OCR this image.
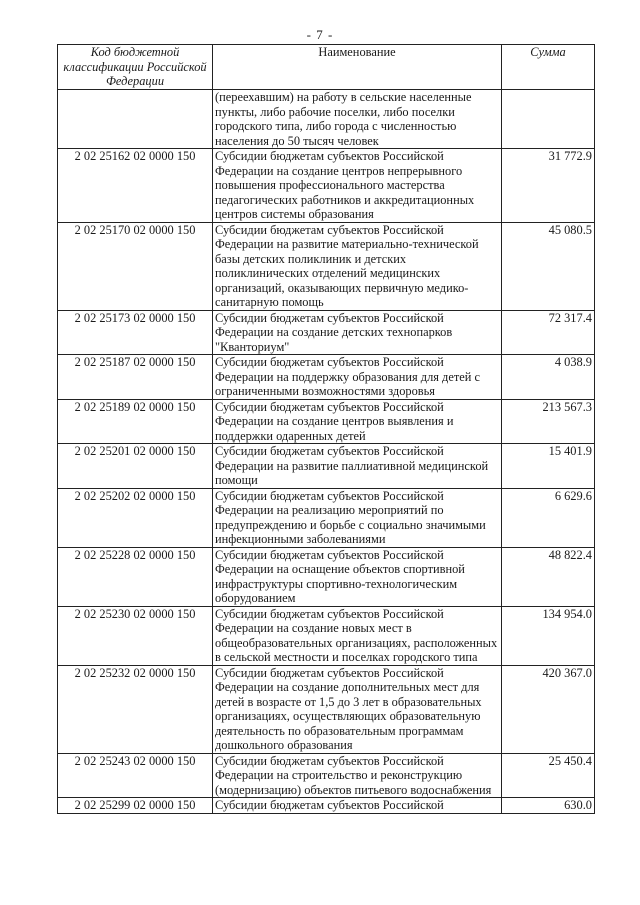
- 7 -
Код бюджетной классификации Российской Федерации	Наименование	Сумма
	(переехавшим) на работу в сельские населенные пункты, либо рабочие поселки, либо поселки городского типа, либо города с численностью населения до 50 тысяч человек	
2 02 25162 02 0000 150	Субсидии бюджетам субъектов Российской Федерации на создание центров непрерывного повышения профессионального мастерства педагогических работников и аккредитационных центров системы образования	31 772.9
2 02 25170 02 0000 150	Субсидии бюджетам субъектов Российской Федерации на развитие материально-технической базы детских поликлиник и детских поликлинических отделений медицинских организаций, оказывающих первичную медико-санитарную помощь	45 080.5
2 02 25173 02 0000 150	Субсидии бюджетам субъектов Российской Федерации на создание детских технопарков "Кванториум"	72 317.4
2 02 25187 02 0000 150	Субсидии бюджетам субъектов Российской Федерации на поддержку образования для детей с ограниченными возможностями здоровья	4 038.9
2 02 25189 02 0000 150	Субсидии бюджетам субъектов Российской Федерации на создание центров выявления и поддержки одаренных детей	213 567.3
2 02 25201 02 0000 150	Субсидии бюджетам субъектов Российской Федерации на развитие паллиативной медицинской помощи	15 401.9
2 02 25202 02 0000 150	Субсидии бюджетам субъектов Российской Федерации на реализацию мероприятий по предупреждению и борьбе с социально значимыми инфекционными заболеваниями	6 629.6
2 02 25228 02 0000 150	Субсидии бюджетам субъектов Российской Федерации на оснащение объектов спортивной инфраструктуры спортивно-технологическим оборудованием	48 822.4
2 02 25230 02 0000 150	Субсидии бюджетам субъектов Российской Федерации на создание новых мест в общеобразовательных организациях, расположенных в сельской местности и поселках городского типа	134 954.0
2 02 25232 02 0000 150	Субсидии бюджетам субъектов Российской Федерации на создание дополнительных мест для детей в возрасте от 1,5 до 3 лет в образовательных организациях, осуществляющих образовательную деятельность по образовательным программам дошкольного образования	420 367.0
2 02 25243 02 0000 150	Субсидии бюджетам субъектов Российской Федерации на строительство и реконструкцию (модернизацию) объектов питьевого водоснабжения	25 450.4
2 02 25299 02 0000 150	Субсидии бюджетам субъектов Российской	630.0
